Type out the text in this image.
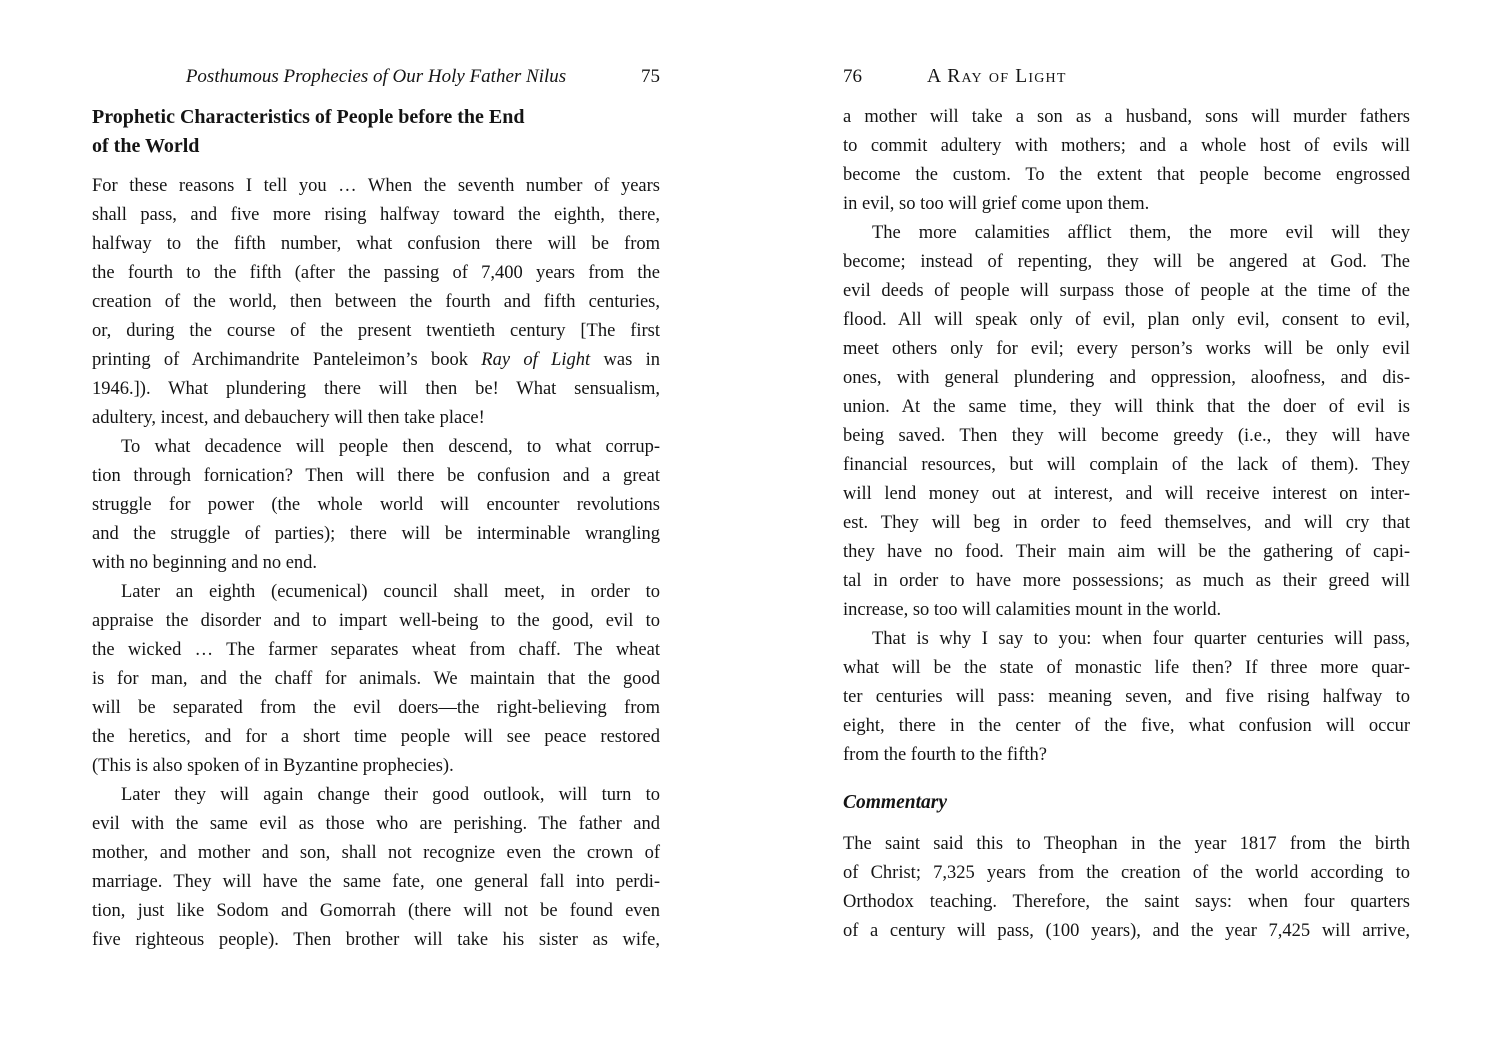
Posthumous Prophecies of Our Holy Father Nilus	75
Prophetic Characteristics of People before the End
of the World
For these reasons I tell you … When the seventh number of years
shall pass, and five more rising halfway toward the eighth, there,
halfway to the fifth number, what confusion there will be from
the fourth to the fifth (after the passing of 7,400 years from the
creation of the world, then between the fourth and fifth centuries,
or, during the course of the present twentieth century [The first
printing of Archimandrite Panteleimon’s book Ray of Light was in
1946.]). What plundering there will then be! What sensualism,
adultery, incest, and debauchery will then take place!
To what decadence will people then descend, to what corrup-
tion through fornication? Then will there be confusion and a great
struggle for power (the whole world will encounter revolutions
and the struggle of parties); there will be interminable wrangling
with no beginning and no end.
Later an eighth (ecumenical) council shall meet, in order to
appraise the disorder and to impart well-being to the good, evil to
the wicked … The farmer separates wheat from chaff. The wheat
is for man, and the chaff for animals. We maintain that the good
will be separated from the evil doers—the right-believing from
the heretics, and for a short time people will see peace restored
(This is also spoken of in Byzantine prophecies).
Later they will again change their good outlook, will turn to
evil with the same evil as those who are perishing. The father and
mother, and mother and son, shall not recognize even the crown of
marriage. They will have the same fate, one general fall into perdi-
tion, just like Sodom and Gomorrah (there will not be found even
five righteous people). Then brother will take his sister as wife,
76	A Ray of Light
a mother will take a son as a husband, sons will murder fathers
to commit adultery with mothers; and a whole host of evils will
become the custom. To the extent that people become engrossed
in evil, so too will grief come upon them.
The more calamities afflict them, the more evil will they
become; instead of repenting, they will be angered at God. The
evil deeds of people will surpass those of people at the time of the
flood. All will speak only of evil, plan only evil, consent to evil,
meet others only for evil; every person’s works will be only evil
ones, with general plundering and oppression, aloofness, and dis-
union. At the same time, they will think that the doer of evil is
being saved. Then they will become greedy (i.e., they will have
financial resources, but will complain of the lack of them). They
will lend money out at interest, and will receive interest on inter-
est. They will beg in order to feed themselves, and will cry that
they have no food. Their main aim will be the gathering of capi-
tal in order to have more possessions; as much as their greed will
increase, so too will calamities mount in the world.
That is why I say to you: when four quarter centuries will pass,
what will be the state of monastic life then? If three more quar-
ter centuries will pass: meaning seven, and five rising halfway to
eight, there in the center of the five, what confusion will occur
from the fourth to the fifth?
Commentary
The saint said this to Theophan in the year 1817 from the birth
of Christ; 7,325 years from the creation of the world according to
Orthodox teaching. Therefore, the saint says: when four quarters
of a century will pass, (100 years), and the year 7,425 will arrive,
